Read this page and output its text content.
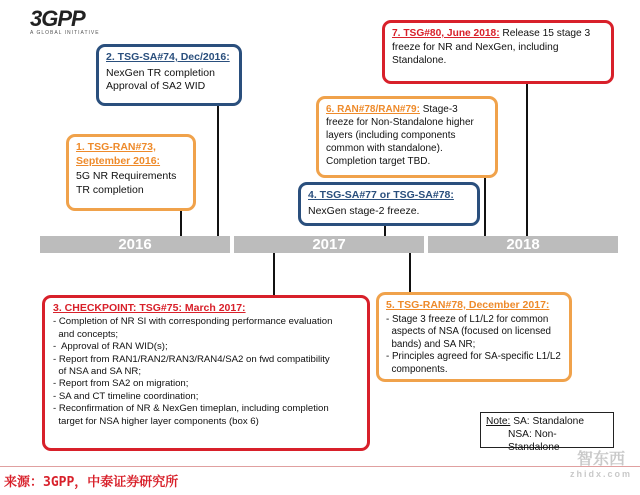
3GPP
A GLOBAL INITIATIVE
2016	2017	2018
1. TSG-RAN#73, September 2016:
5G NR Requirements
TR completion
2. TSG-SA#74, Dec/2016:
NexGen TR completion
Approval of SA2 WID
3. CHECKPOINT: TSG#75: March 2017:
- Completion of NR SI with corresponding performance evaluation
and concepts;
-  Approval of RAN WID(s);
- Report from RAN1/RAN2/RAN3/RAN4/SA2 on fwd compatibility
of NSA and SA NR;
- Report from SA2 on migration;
- SA and CT timeline coordination;
- Reconfirmation of NR & NexGen timeplan, including completion
target for NSA higher layer components (box 6)
4. TSG-SA#77 or TSG-SA#78:
NexGen stage-2 freeze.
5. TSG-RAN#78, December 2017:
- Stage 3 freeze of L1/L2 for common
aspects of NSA (focused on licensed
bands) and SA NR;
- Principles agreed for SA-specific L1/L2
components.
6. RAN#78/RAN#79: Stage-3
freeze for Non-Standalone higher
layers (including components
common with standalone).
Completion target TBD.
7. TSG#80, June 2018: Release 15 stage 3
freeze for NR and NexGen, including
Standalone.
Note: SA: Standalone
NSA: Non-Standalone
智东西
zhidx.com
来源：3GPP，中泰证券研究所
